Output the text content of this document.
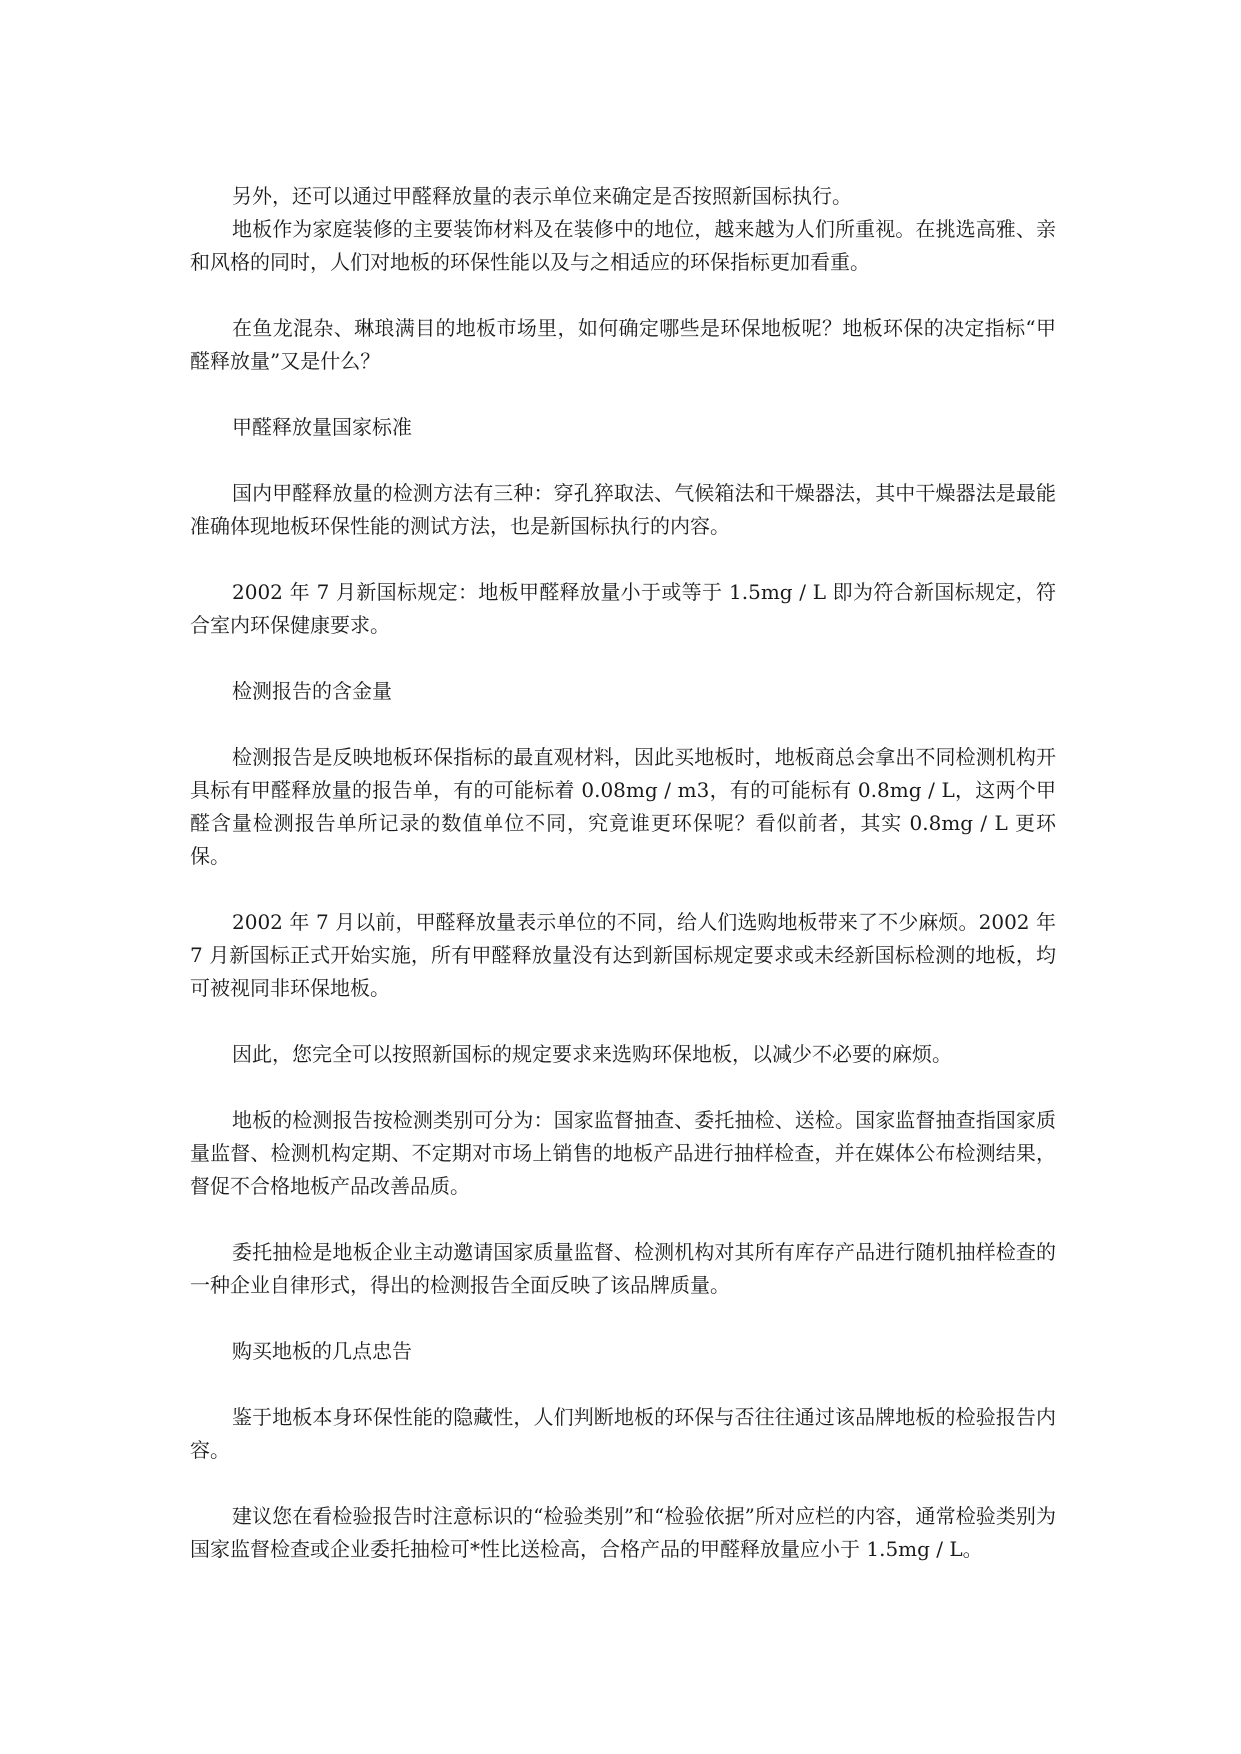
另外，还可以通过甲醛释放量的表示单位来确定是否按照新国标执行。

地板作为家庭装修的主要装饰材料及在装修中的地位，越来越为人们所重视。在挑选高雅、亲和风格的同时，人们对地板的环保性能以及与之相适应的环保指标更加看重。

在鱼龙混杂、琳琅满目的地板市场里，如何确定哪些是环保地板呢？地板环保的决定指标“甲醛释放量”又是什么？

甲醛释放量国家标准

国内甲醛释放量的检测方法有三种：穿孔猝取法、气候箱法和干燥器法，其中干燥器法是最能准确体现地板环保性能的测试方法，也是新国标执行的内容。

2002 年 7 月新国标规定：地板甲醛释放量小于或等于 1.5mg / L 即为符合新国标规定，符合室内环保健康要求。

检测报告的含金量

检测报告是反映地板环保指标的最直观材料，因此买地板时，地板商总会拿出不同检测机构开具标有甲醛释放量的报告单，有的可能标着 0.08mg / m3，有的可能标有 0.8mg / L，这两个甲醛含量检测报告单所记录的数值单位不同，究竟谁更环保呢？看似前者，其实 0.8mg / L 更环保。

2002 年 7 月以前，甲醛释放量表示单位的不同，给人们选购地板带来了不少麻烦。2002 年 7 月新国标正式开始实施，所有甲醛释放量没有达到新国标规定要求或未经新国标检测的地板，均可被视同非环保地板。

因此，您完全可以按照新国标的规定要求来选购环保地板，以减少不必要的麻烦。

地板的检测报告按检测类别可分为：国家监督抽查、委托抽检、送检。国家监督抽查指国家质量监督、检测机构定期、不定期对市场上销售的地板产品进行抽样检查，并在媒体公布检测结果，督促不合格地板产品改善品质。

委托抽检是地板企业主动邀请国家质量监督、检测机构对其所有库存产品进行随机抽样检查的一种企业自律形式，得出的检测报告全面反映了该品牌质量。

购买地板的几点忠告

鉴于地板本身环保性能的隐藏性，人们判断地板的环保与否往往通过该品牌地板的检验报告内容。

建议您在看检验报告时注意标识的“检验类别”和“检验依据”所对应栏的内容，通常检验类别为国家监督检查或企业委托抽检可*性比送检高，合格产品的甲醛释放量应小于 1.5mg / L。
